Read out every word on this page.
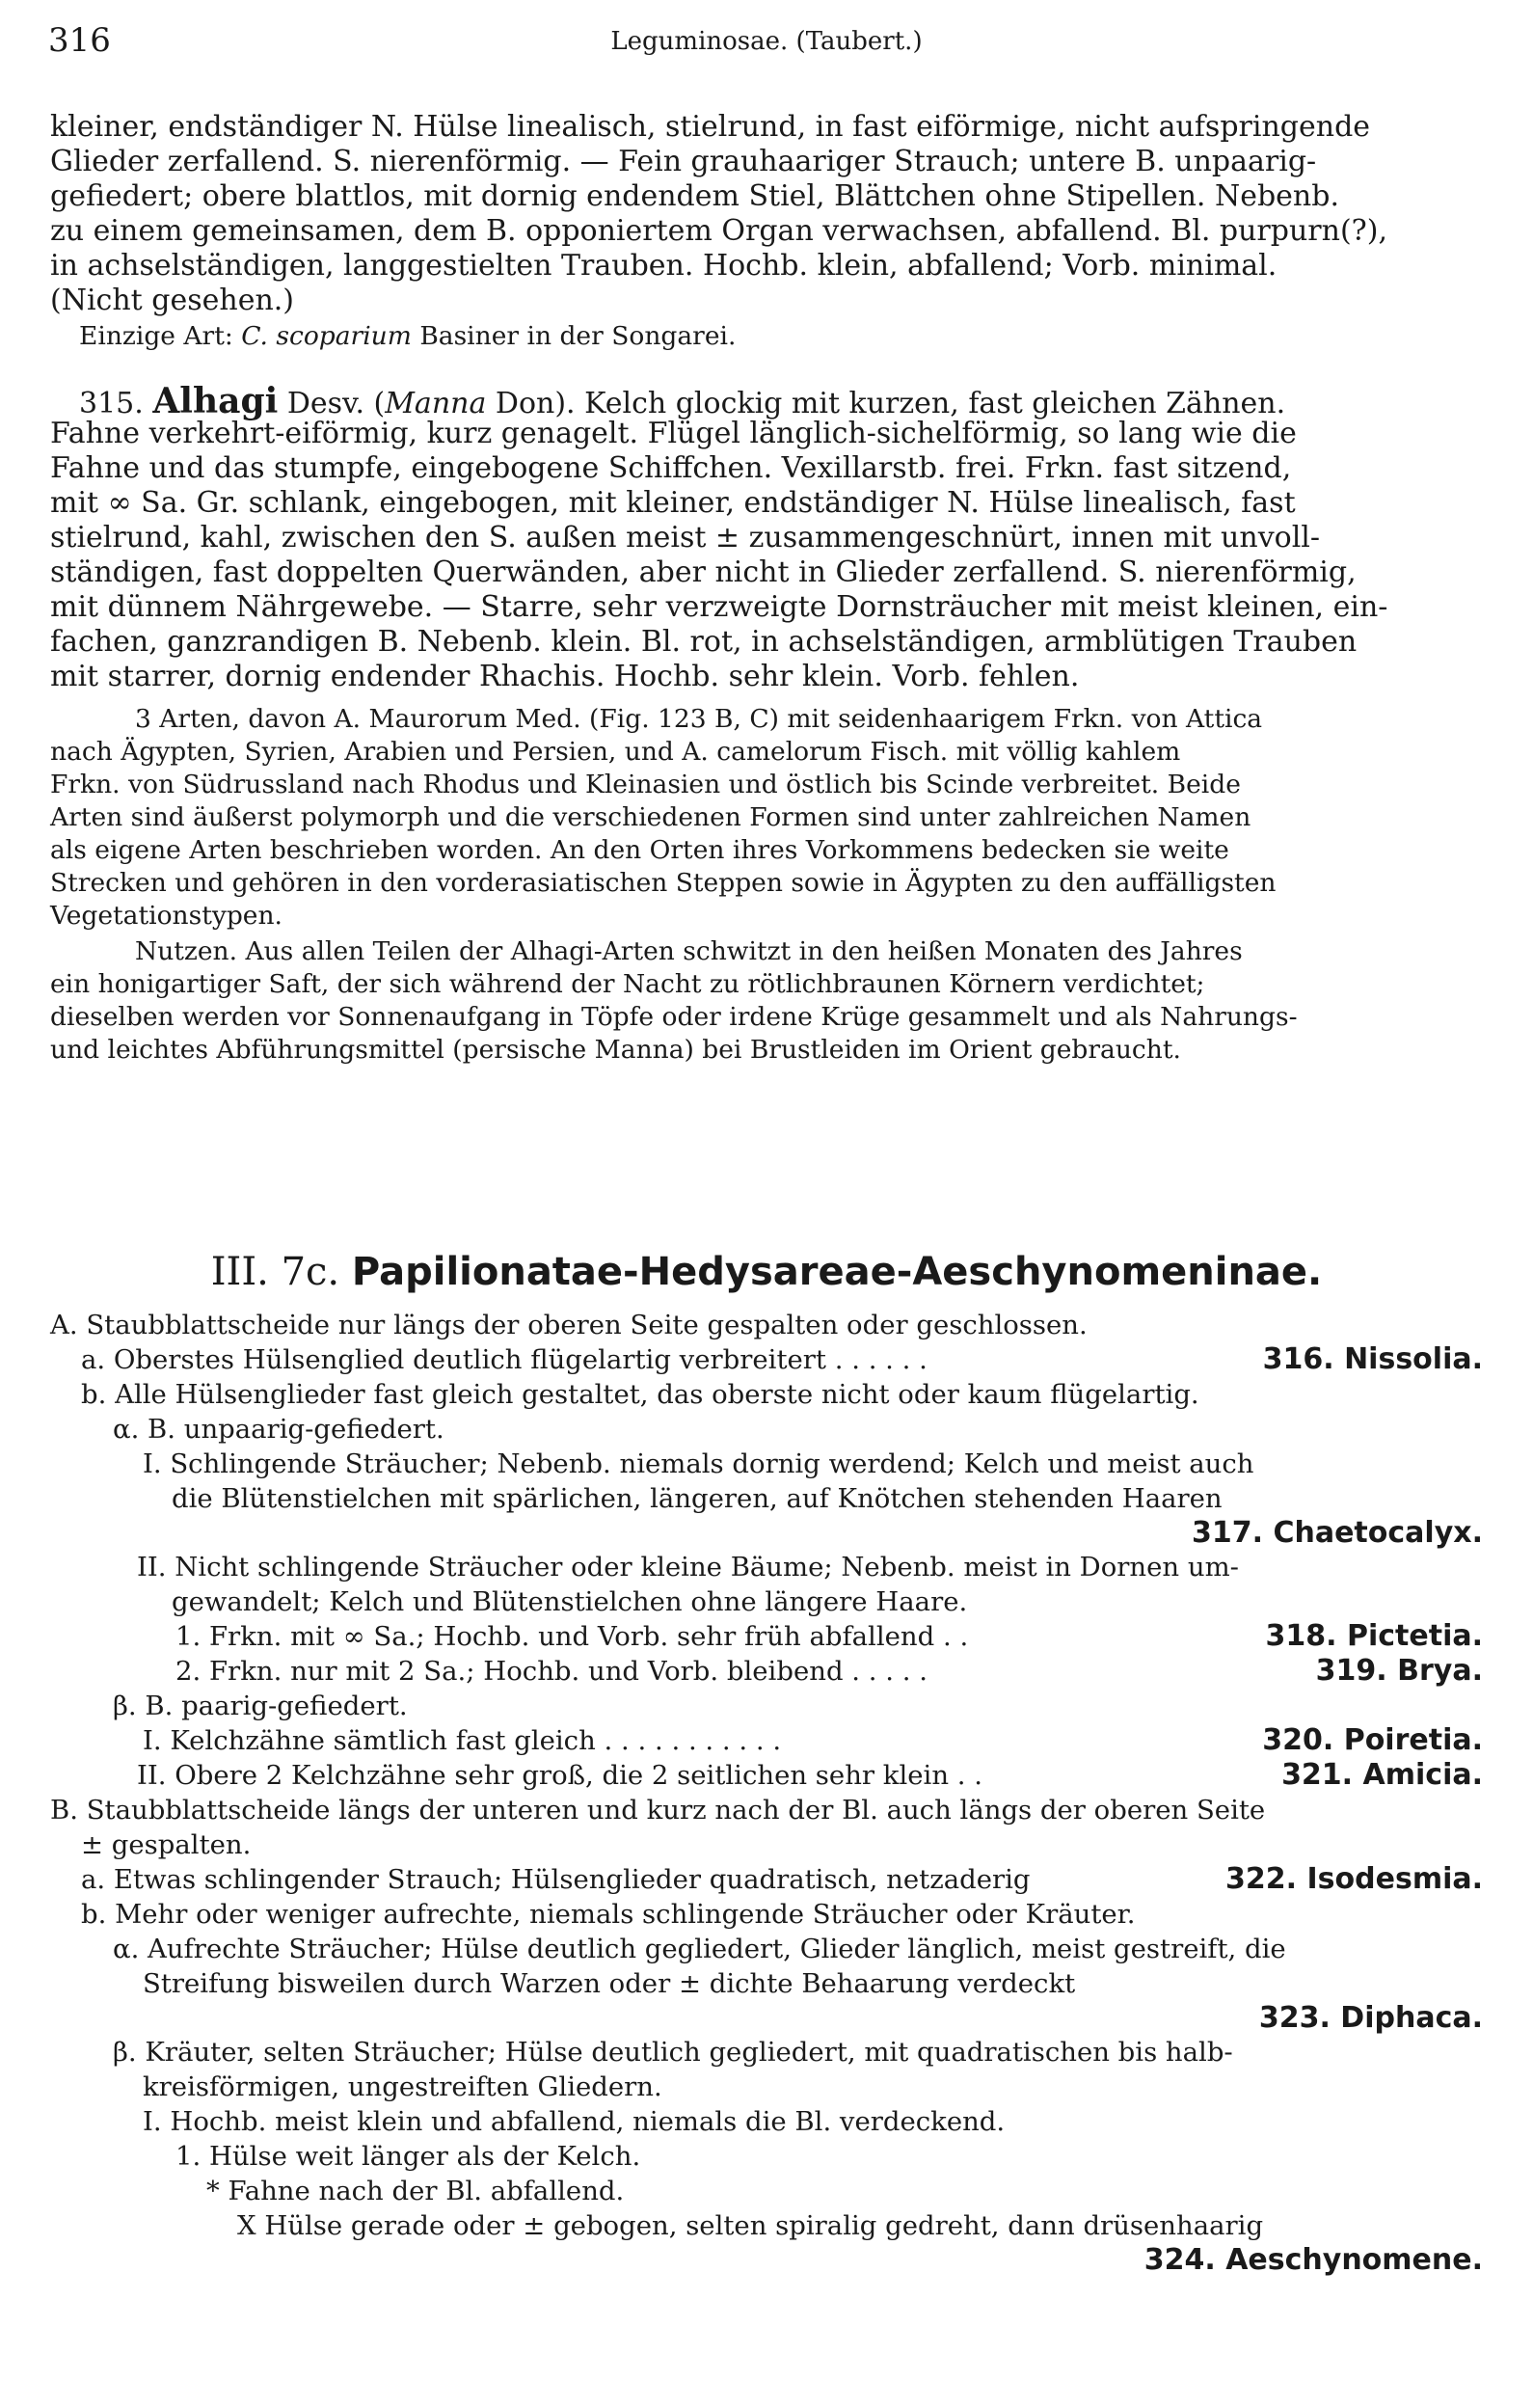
316	Leguminosae. (Taubert.)
kleiner, endständiger N. Hülse linealisch, stielrund, in fast eiförmige, nicht aufspringende
Glieder zerfallend. S. nierenförmig. — Fein grauhaariger Strauch; untere B. unpaarig-
gefiedert; obere blattlos, mit dornig endendem Stiel, Blättchen ohne Stipellen. Nebenb.
zu einem gemeinsamen, dem B. opponiertem Organ verwachsen, abfallend. Bl. purpurn(?),
in achselständigen, langgestielten Trauben. Hochb. klein, abfallend; Vorb. minimal.
(Nicht gesehen.)
Einzige Art: C. scoparium Basiner in der Songarei.
315. Alhagi Desv. (Manna Don). Kelch glockig mit kurzen, fast gleichen Zähnen.
Fahne verkehrt-eiförmig, kurz genagelt. Flügel länglich-sichelförmig, so lang wie die
Fahne und das stumpfe, eingebogene Schiffchen. Vexillarstb. frei. Frkn. fast sitzend,
mit ∞ Sa. Gr. schlank, eingebogen, mit kleiner, endständiger N. Hülse linealisch, fast
stielrund, kahl, zwischen den S. außen meist ± zusammengeschnürt, innen mit unvoll-
ständigen, fast doppelten Querwänden, aber nicht in Glieder zerfallend. S. nierenförmig,
mit dünnem Nährgewebe. — Starre, sehr verzweigte Dornsträucher mit meist kleinen, ein-
fachen, ganzrandigen B. Nebenb. klein. Bl. rot, in achselständigen, armblütigen Trauben
mit starrer, dornig endender Rhachis. Hochb. sehr klein. Vorb. fehlen.
3 Arten, davon A. Maurorum Med. (Fig. 123 B, C) mit seidenhaarigem Frkn. von Attica
nach Ägypten, Syrien, Arabien und Persien, und A. camelorum Fisch. mit völlig kahlem
Frkn. von Südrussland nach Rhodus und Kleinasien und östlich bis Scinde verbreitet. Beide
Arten sind äußerst polymorph und die verschiedenen Formen sind unter zahlreichen Namen
als eigene Arten beschrieben worden. An den Orten ihres Vorkommens bedecken sie weite
Strecken und gehören in den vorderasiatischen Steppen sowie in Ägypten zu den auffälligsten
Vegetationstypen.
Nutzen. Aus allen Teilen der Alhagi-Arten schwitzt in den heißen Monaten des Jahres
ein honigartiger Saft, der sich während der Nacht zu rötlichbraunen Körnern verdichtet;
dieselben werden vor Sonnenaufgang in Töpfe oder irdene Krüge gesammelt und als Nahrungs-
und leichtes Abführungsmittel (persische Manna) bei Brustleiden im Orient gebraucht.
III. 7c. Papilionatae-Hedysareae-Aeschynomeninae.
A. Staubblattscheide nur längs der oberen Seite gespalten oder geschlossen.
a. Oberstes Hülsenglied deutlich flügelartig verbreitert . . . . . .
b. Alle Hülsenglieder fast gleich gestaltet, das oberste nicht oder kaum flügelartig.
α. B. unpaarig-gefiedert.
I. Schlingende Sträucher; Nebenb. niemals dornig werdend; Kelch und meist auch
die Blütenstielchen mit spärlichen, längeren, auf Knötchen stehenden Haaren
II. Nicht schlingende Sträucher oder kleine Bäume; Nebenb. meist in Dornen um-
gewandelt; Kelch und Blütenstielchen ohne längere Haare.
1. Frkn. mit ∞ Sa.; Hochb. und Vorb. sehr früh abfallend . .
2. Frkn. nur mit 2 Sa.; Hochb. und Vorb. bleibend . . . . .
β. B. paarig-gefiedert.
I. Kelchzähne sämtlich fast gleich . . . . . . . . . . .
II. Obere 2 Kelchzähne sehr groß, die 2 seitlichen sehr klein . .
B. Staubblattscheide längs der unteren und kurz nach der Bl. auch längs der oberen Seite
± gespalten.
a. Etwas schlingender Strauch; Hülsenglieder quadratisch, netzaderig
b. Mehr oder weniger aufrechte, niemals schlingende Sträucher oder Kräuter.
α. Aufrechte Sträucher; Hülse deutlich gegliedert, Glieder länglich, meist gestreift, die
Streifung bisweilen durch Warzen oder ± dichte Behaarung verdeckt
β. Kräuter, selten Sträucher; Hülse deutlich gegliedert, mit quadratischen bis halb-
kreisförmigen, ungestreiften Gliedern.
I. Hochb. meist klein und abfallend, niemals die Bl. verdeckend.
1. Hülse weit länger als der Kelch.
* Fahne nach der Bl. abfallend.
X Hülse gerade oder ± gebogen, selten spiralig gedreht, dann drüsenhaarig
316. Nissolia.
317. Chaetocalyx.
318. Pictetia.
319. Brya.
320. Poiretia.
321. Amicia.
322. Isodesmia.
323. Diphaca.
324. Aeschynomene.
